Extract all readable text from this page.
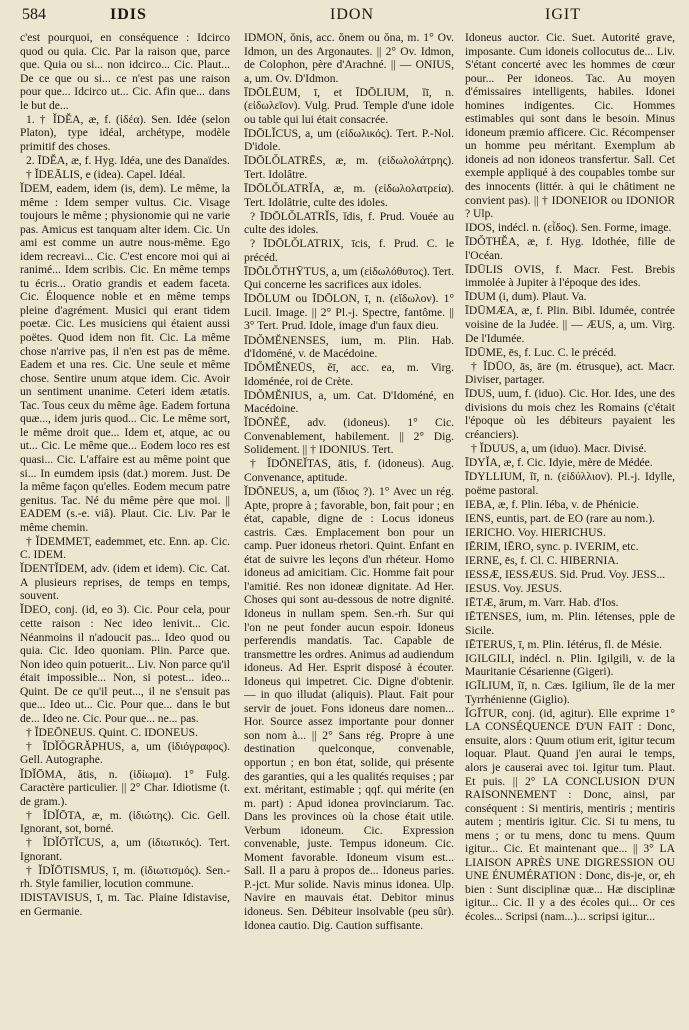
584	IDIS	IDON	IGIT

c'est pourquoi, en conséquence : Idcirco quod ou quia. Cic. Par la raison que, parce que. Quia ou si... non idcirco... Cic. Plaut... De ce que ou si... ce n'est pas une raison pour que... Idcirco ut... Cic. Afin que... dans le but de...

1. † ĬDĔA, æ, f. (ἰδέα). Sen. Idée (selon Platon), type idéal, archétype, modèle primitif des choses.

2. ĪDĔA, æ, f. Hyg. Idéa, une des Danaïdes.

† ĬDEĀLIS, e (idea). Capel. Idéal.

ĬDEM, eadem, idem (is, dem). Le même, la même : Idem semper vultus. Cic. Visage toujours le même ; physionomie qui ne varie pas. Amicus est tanquam alter idem. Cic. Un ami est comme un autre nous-même. Ego idem recreavi... Cic. C'est encore moi qui ai ranimé... Idem scribis. Cic. En même temps tu écris... Oratio grandis et eadem faceta. Cic. Éloquence noble et en même temps pleine d'agrément. Musici qui erant tidem poetæ. Cic. Les musiciens qui étaient aussi poëtes. Quod idem non fit. Cic. La même chose n'arrive pas, il n'en est pas de même. Eadem et una res. Cic. Une seule et même chose. Sentire unum atque idem. Cic. Avoir un sentiment unanime. Ceteri idem ætatis. Tac. Tous ceux du même âge. Eadem fortuna quæ..., idem juris quod... Cic. Le même sort, le même droit que... Idem et, atque, ac ou ut... Cic. Le même que... Eodem loco res est quasi... Cic. L'affaire est au même point que si... In eumdem ipsis (dat.) morem. Just. De la même façon qu'elles. Eodem mecum patre genitus. Tac. Né du même père que moi. || EADEM (s.-e. viâ). Plaut. Cic. Liv. Par le même chemin.

† ĬDEMMET, eademmet, etc. Enn. ap. Cic. C. IDEM.

ĬDENTĬDEM, adv. (idem et idem). Cic. Cat. A plusieurs reprises, de temps en temps, souvent.

ĬDEO, conj. (id, eo 3). Cic. Pour cela, pour cette raison : Nec ideo lenivit... Cic. Néanmoins il n'adoucit pas... Ideo quod ou quia. Cic. Ideo quoniam. Plin. Parce que. Non ideo quin potuerit... Liv. Non parce qu'il était impossible... Non, si potest... ideo... Quint. De ce qu'il peut..., il ne s'ensuit pas que... Ideo ut... Cic. Pour que... dans le but de... Ideo ne. Cic. Pour que... ne... pas.

† ĬDEŌNEUS. Quint. C. IDONEUS.

† ĬDĬŎGRĂPHUS, a, um (ἰδιόγραφος). Gell. Autographe.

ĬDĬŌMA, ătis, n. (ἰδίωμα). 1° Fulg. Caractère particulier. || 2° Char. Idiotisme (t. de gram.).

† ĬDĬŌTA, æ, m. (ἰδιώτης). Cic. Gell. Ignorant, sot, borné.

† ĬDĬŌTĬCUS, a, um (ἰδιωτικός). Tert. Ignorant.

† ĬDĬŌTISMUS, ī, m. (ἰδιωτισμός). Sen.-rh. Style familier, locution commune.

IDISTAVISUS, ī, m. Tac. Plaine Idistavise, en Germanie.

IDMON, ŏnis, acc. ŏnem ou ŏna, m. 1° Ov. Idmon, un des Argonautes. || 2° Ov. Idmon, de Colophon, père d'Arachné. || — ONIUS, a, um. Ov. D'Idmon.

ĪDŌLĒUM, ī, et ĪDŌLIUM, ĭī, n. (εἰδωλεῖον). Vulg. Prud. Temple d'une idole ou table qui lui était consacrée.

ĪDŌLĬCUS, a, um (εἰδωλικός). Tert. P.-Nol. D'idole.

ĪDŌLŎLATRĒS, æ, m. (εἰδωλολάτρης). Tert. Idolâtre.

ĪDŌLŎLATRĬA, æ, m. (εἰδωλολατρεία). Tert. Idolâtrie, culte des idoles.

? ĪDŌLŎLATRĬS, ĭdis, f. Prud. Vouée au culte des idoles.

? ĪDŌLŎLATRIX, īcis, f. Prud. C. le précéd.

ĪDŌLŎTHȲTUS, a, um (εἰδωλόθυτος). Tert. Qui concerne les sacrifices aux idoles.

ĪDŌLUM ou ĪDŌLON, ī, n. (εἴδωλον). 1° Lucil. Image. || 2° Pl.-j. Spectre, fantôme. || 3° Tert. Prud. Idole, image d'un faux dieu.

ĪDŎMĔNENSES, ium, m. Plin. Hab. d'Idoméné, v. de Macédoine.

ĪDŎMĔNEŪS, ĕī, acc. ea, m. Virg. Idoménée, roi de Crète.

ĪDŎMĔNIUS, a, um. Cat. D'Idoméné, en Macédoine.

ĬDŌNĔĒ, adv. (idoneus). 1° Cic. Convenablement, habilement. || 2° Dig. Solidement. || † IDONIUS. Tert.

† ĬDŌNEĬTAS, ātis, f. (idoneus). Aug. Convenance, aptitude.

ĬDŌNEUS, a, um (ἴδιος ?). 1° Avec un rég. Apte, propre à ; favorable, bon, fait pour ; en état, capable, digne de : Locus idoneus castris. Cæs. Emplacement bon pour un camp. Puer idoneus rhetori. Quint. Enfant en état de suivre les leçons d'un rhéteur. Homo idoneus ad amicitiam. Cic. Homme fait pour l'amitié. Res non idoneæ dignitate. Ad Her. Choses qui sont au-dessous de notre dignité. Idoneus in nullam spem. Sen.-rh. Sur qui l'on ne peut fonder aucun espoir. Idoneus perferendis mandatis. Tac. Capable de transmettre les ordres. Animus ad audiendum idoneus. Ad Her. Esprit disposé à écouter. Idoneus qui impetret. Cic. Digne d'obtenir. — in quo illudat (aliquis). Plaut. Fait pour servir de jouet. Fons idoneus dare nomen... Hor. Source assez importante pour donner son nom à... || 2° Sans rég. Propre à une destination quelconque, convenable, opportun ; en bon état, solide, qui présente des garanties, qui a les qualités requises ; par ext. méritant, estimable ; qqf. qui mérite (en m. part) : Apud idonea provinciarum. Tac. Dans les provinces où la chose était utile. Verbum idoneum. Cic. Expression convenable, juste. Tempus idoneum. Cic. Moment favorable. Idoneum visum est... Sall. Il a paru à propos de... Idoneus paries. P.-jct. Mur solide. Navis minus idonea. Ulp. Navire en mauvais état. Debitor minus idoneus. Sen. Débiteur insolvable (peu sûr). Idonea cautio. Dig. Caution suffisante.

Idoneus auctor. Cic. Suet. Autorité grave, imposante. Cum idoneis collocutus de... Liv. S'étant concerté avec les hommes de cœur pour... Per idoneos. Tac. Au moyen d'émissaires intelligents, habiles. Idonei homines indigentes. Cic. Hommes estimables qui sont dans le besoin. Minus idoneum præmio afficere. Cic. Récompenser un homme peu méritant. Exemplum ab idoneis ad non idoneos transfertur. Sall. Cet exemple appliqué à des coupables tombe sur des innocents (littér. à qui le châtiment ne convient pas). || † IDONEIOR ou IDONIOR ? Ulp.

IDOS, indécl. n. (εἶδος). Sen. Forme, image.

ĪDŎTHĔA, æ, f. Hyg. Idothée, fille de l'Océan.

ĪDŪLIS OVIS, f. Macr. Fest. Brebis immolée à Jupiter à l'époque des ides.

ĪDUM (i, dum). Plaut. Va.

ĪDŪMÆA, æ, f. Plin. Bibl. Idumée, contrée voisine de la Judée. || — ÆUS, a, um. Virg. De l'Idumée.

ĪDŪME, ēs, f. Luc. C. le précéd.

† ĬDŪO, ās, āre (m. étrusque), act. Macr. Diviser, partager.

ĪDUS, uum, f. (iduo). Cic. Hor. Ides, une des divisions du mois chez les Romains (c'était l'époque où les débiteurs payaient les créanciers).

† ĬDUUS, a, um (iduo). Macr. Divisé.

ĪDYĬA, æ, f. Cic. Idyie, mère de Médée.

ĪDYLLIUM, ĭī, n. (εἰδύλλιον). Pl.-j. Idylle, poëme pastoral.

IEBA, æ, f. Plin. Iéba, v. de Phénicie.

IENS, euntis, part. de EO (rare au nom.).

IERICHO. Voy. HIERICHUS.

IĒRIM, IĒRO, sync. p. IVERIM, etc.

IERNE, ēs, f. Cl. C. HIBERNIA.

IESSÆ, IESSÆUS. Sid. Prud. Voy. JESS...

IESUS. Voy. JESUS.

IĒTÆ, ārum, m. Varr. Hab. d'Ios.

IĒTENSES, ium, m. Plin. Iétenses, pple de Sicile.

IĒTERUS, ī, m. Plin. Iétérus, fl. de Mésie.

IGILGILI, indécl. n. Plin. Igilgili, v. de la Mauritanie Césarienne (Gigeri).

IGĪLIUM, ĭī, n. Cæs. Igilium, île de la mer Tyrrhénienne (Giglio).

ĬGĬTUR, conj. (id, agitur). Elle exprime 1° LA CONSÉQUENCE D'UN FAIT : Donc, ensuite, alors : Quum otium erit, igitur tecum loquar. Plaut. Quand j'en aurai le temps, alors je causerai avec toi. Igitur tum. Plaut. Et puis. || 2° LA CONCLUSION D'UN RAISONNEMENT : Donc, ainsi, par conséquent : Si mentiris, mentiris ; mentiris autem ; mentiris igitur. Cic. Si tu mens, tu mens ; or tu mens, donc tu mens. Quum igitur... Cic. Et maintenant que... || 3° LA LIAISON APRÈS UNE DIGRESSION OU UNE ÉNUMÉRATION : Donc, dis-je, or, eh bien : Sunt disciplinæ quæ... Hæ disciplinæ igitur... Cic. Il y a des écoles qui... Or ces écoles... Scripsi (nam...)... scripsi igitur...
